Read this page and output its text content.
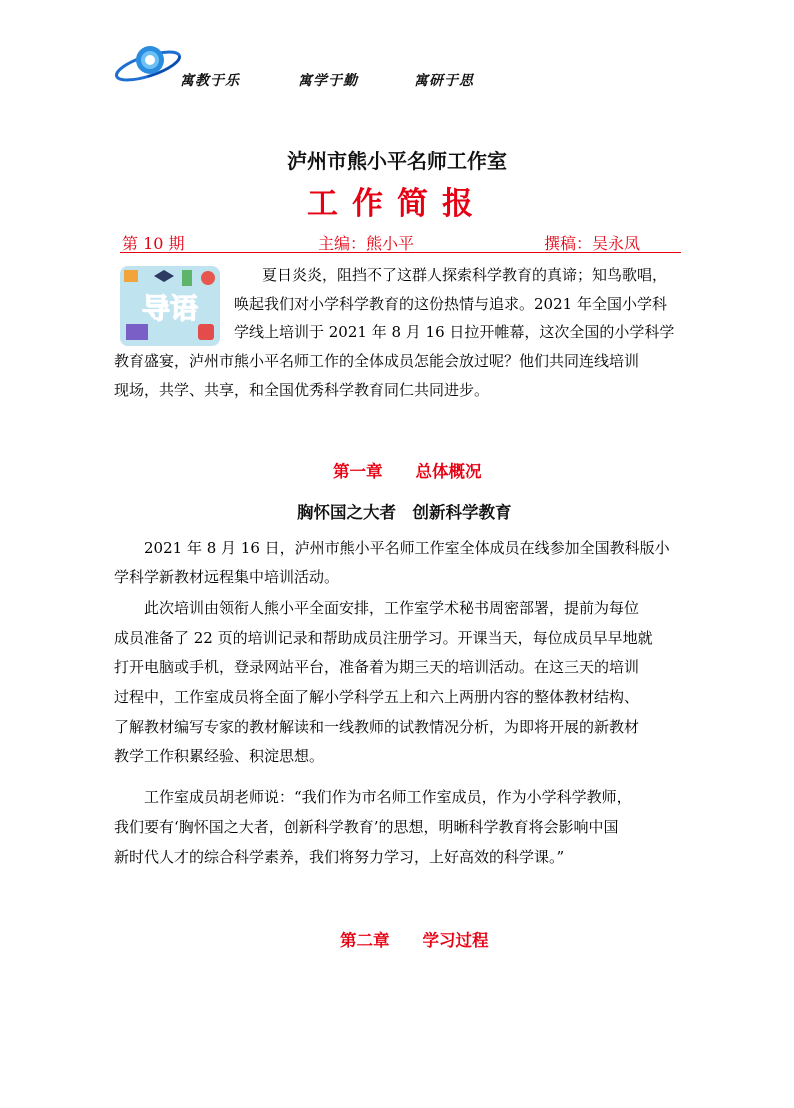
寓教于乐	寓学于勤	寓研于思
泸州市熊小平名师工作室
工作简报
第 10 期	主编：熊小平	撰稿：吴永凤
导语
夏日炎炎，阻挡不了这群人探索科学教育的真谛；知鸟歌唱，
唤起我们对小学科学教育的这份热情与追求。2021 年全国小学科
学线上培训于 2021 年 8 月 16 日拉开帷幕，这次全国的小学科学
教育盛宴，泸州市熊小平名师工作的全体成员怎能会放过呢？他们共同连线培训
现场，共学、共享，和全国优秀科学教育同仁共同进步。
第一章　　总体概况
胸怀国之大者　创新科学教育
2021 年 8 月 16 日，泸州市熊小平名师工作室全体成员在线参加全国教科版小
学科学新教材远程集中培训活动。
此次培训由领衔人熊小平全面安排，工作室学术秘书周密部署，提前为每位
成员准备了 22 页的培训记录和帮助成员注册学习。开课当天，每位成员早早地就
打开电脑或手机，登录网站平台，准备着为期三天的培训活动。在这三天的培训
过程中，工作室成员将全面了解小学科学五上和六上两册内容的整体教材结构、
了解教材编写专家的教材解读和一线教师的试教情况分析，为即将开展的新教材
教学工作积累经验、积淀思想。
工作室成员胡老师说：“我们作为市名师工作室成员，作为小学科学教师，
我们要有‘胸怀国之大者，创新科学教育’的思想，明晰科学教育将会影响中国
新时代人才的综合科学素养，我们将努力学习，上好高效的科学课。”
第二章　　学习过程
